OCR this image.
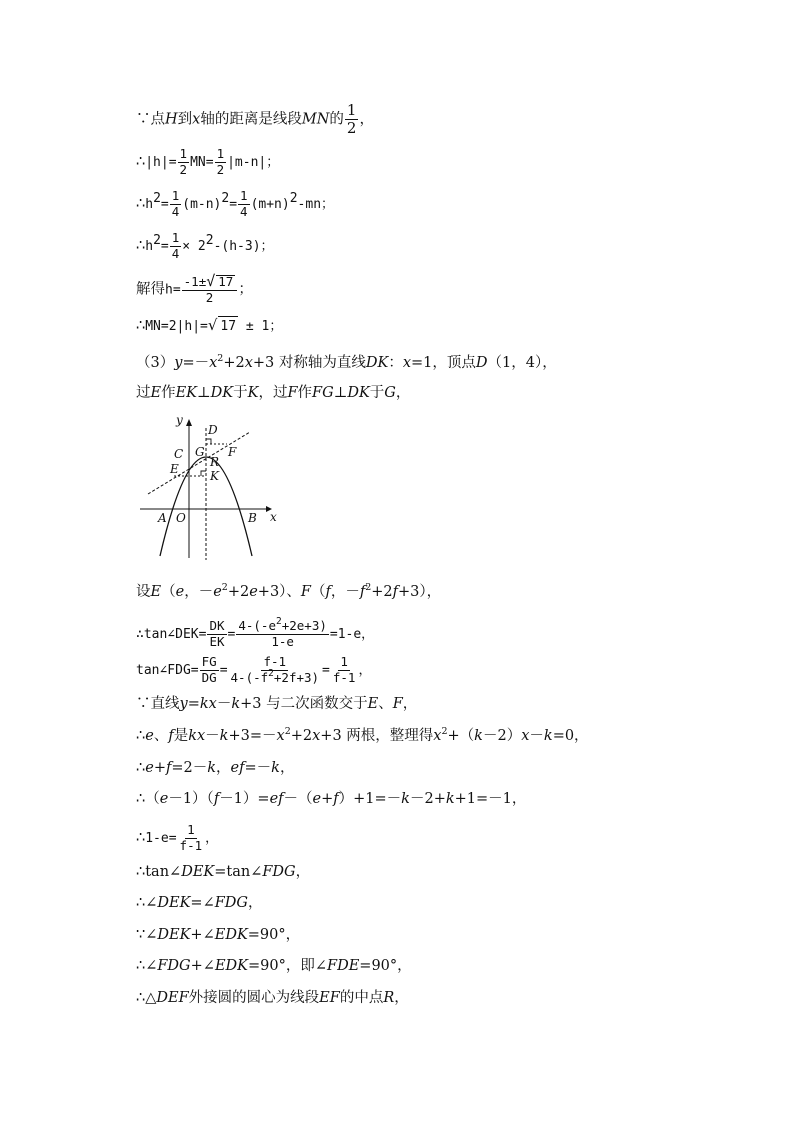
∵点H到x轴的距离是线段MN的 $\frac{1}{2}$ ，
∴|h|= $\frac{1}{2} MN= \frac{1}{2} |m-n|$；
$\therefore h^2= \frac{1}{4} (m-n)^2= \frac{1}{4} (m+n)^2-mn$；
$\therefore h^2= \frac{1}{4} \times 2^2-(h-3)$；
解得$h= \frac{-1\pm√ 17}{2}$ ；
∴MN=2|h|=√ 17 ± 1；
$(3)y=-x^2+2x+3$ 对称轴为直线DK：x=1，顶点D（1，4），
过E作EK⊥DK于K，过F作FG⊥DK于G，
y
x
D
C G F
E	R
K
A O	B
设E（e，$-e^2+2e+3$）、F（f，$-f^2+2f+3$），
∴tan∠DEK= $\frac{DK}{EK} = \frac{4-(-e^2+2e+3)}{1-e} =1-e$，
tan∠FDG= $\frac{FG}{DG} = \frac{f-1}{4-(-f^2+2f+3)} = \frac{1}{f-1}$ ，
∵直线y=kx－k+3 与二次函数交于E、F，
∴e、f是$kx-k+3=-x^2+2x+3$ 两根，整理得$x^2+(k-2)x-k=0$，
∴e+f=2－k，ef=－k，
∴（e－1）（f－1）=ef－（e+f）+1=－k－2+k+1=－1，
∴1-e= $\frac{1}{f-1}$ ，
∴tan∠DEK=tan∠FDG，
∴∠DEK=∠FDG，
∵∠DEK+∠EDK=90°，
∴∠FDG+∠EDK=90°，即∠FDE=90°，
∴△DEF外接圆的圆心为线段EF的中点R，
